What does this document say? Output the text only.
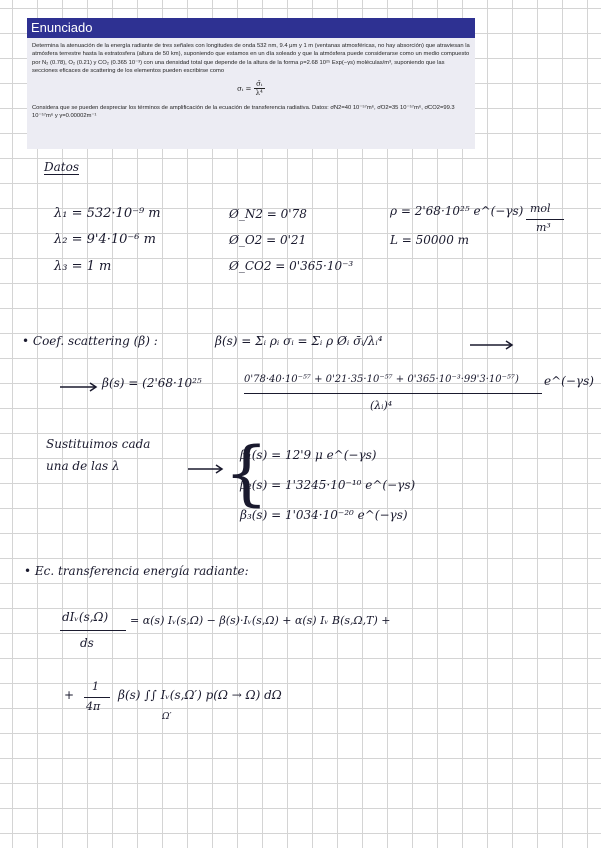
Enunciado

Determina la atenuación de la energía radiante de tres señales con longitudes de onda 532 nm, 9.4 μm y 1 m (ventanas atmosféricas, no hay absorción) que atraviesan la atmósfera terrestre hasta la estratosfera (altura de 50 km), suponiendo que estamos en un día soleado y que la atmósfera puede considerarse como un medio compuesto por N₂ (0.78), O₂ (0.21) y CO₂ (0.365 10⁻³) con una densidad total que depende de la altura de la forma ρ=2.68 10²⁵ Exp(−γs) moléculas/m³, suponiendo que las secciones eficaces de scattering de los elementos pueden escribirse como

σᵢ = $\frac{\text{σ̄ᵢ}}{\text{λ⁴}}$

Considera que se pueden despreciar los términos de amplificación de la ecuación de transferencia radiativa. Datos: σ̄N2=40 10⁻⁵⁷m⁶, σ̄O2=35 10⁻⁵⁷m⁶, σ̄CO2=99.3 10⁻⁵⁷m⁶ y γ=0.00002m⁻¹

Datos
λ₁ = 532·10⁻⁹ m
λ₂ = 9'4·10⁻⁶ m
λ₃ = 1 m
Ø_N2 = 0'78
Ø_O2 = 0'21
Ø_CO2 = 0'365·10⁻³
ρ = 2'68·10²⁵ e^(−γs) mol
m³
L = 50000 m
• Coef. scattering (β) :	β(s) = Σᵢ ρᵢ σᵢ = Σᵢ ρ Øᵢ σ̄ᵢ/λᵢ⁴
β(s) = (2'68·10²⁵	0'78·40·10⁻⁵⁷ + 0'21·35·10⁻⁵⁷ + 0'365·10⁻³·99'3·10⁻⁵⁷)
(λᵢ)⁴
e^(−γs)
Sustituimos cada
una de las λ {
β₁(s) = 12'9 μ e^(−γs)
β₂(s) = 1'3245·10⁻¹⁰ e^(−γs)
β₃(s) = 1'034·10⁻²⁰ e^(−γs)
• Ec. transferencia energía radiante:
dIᵥ(s,Ω)
ds
= α(s) Iᵥ(s,Ω) − β(s)·Iᵥ(s,Ω) + α(s) Iᵥ B(s,Ω,T) +
+
1
4π
β(s) ∫∫ Iᵥ(s,Ω′) p(Ω → Ω) dΩ
Ω′
